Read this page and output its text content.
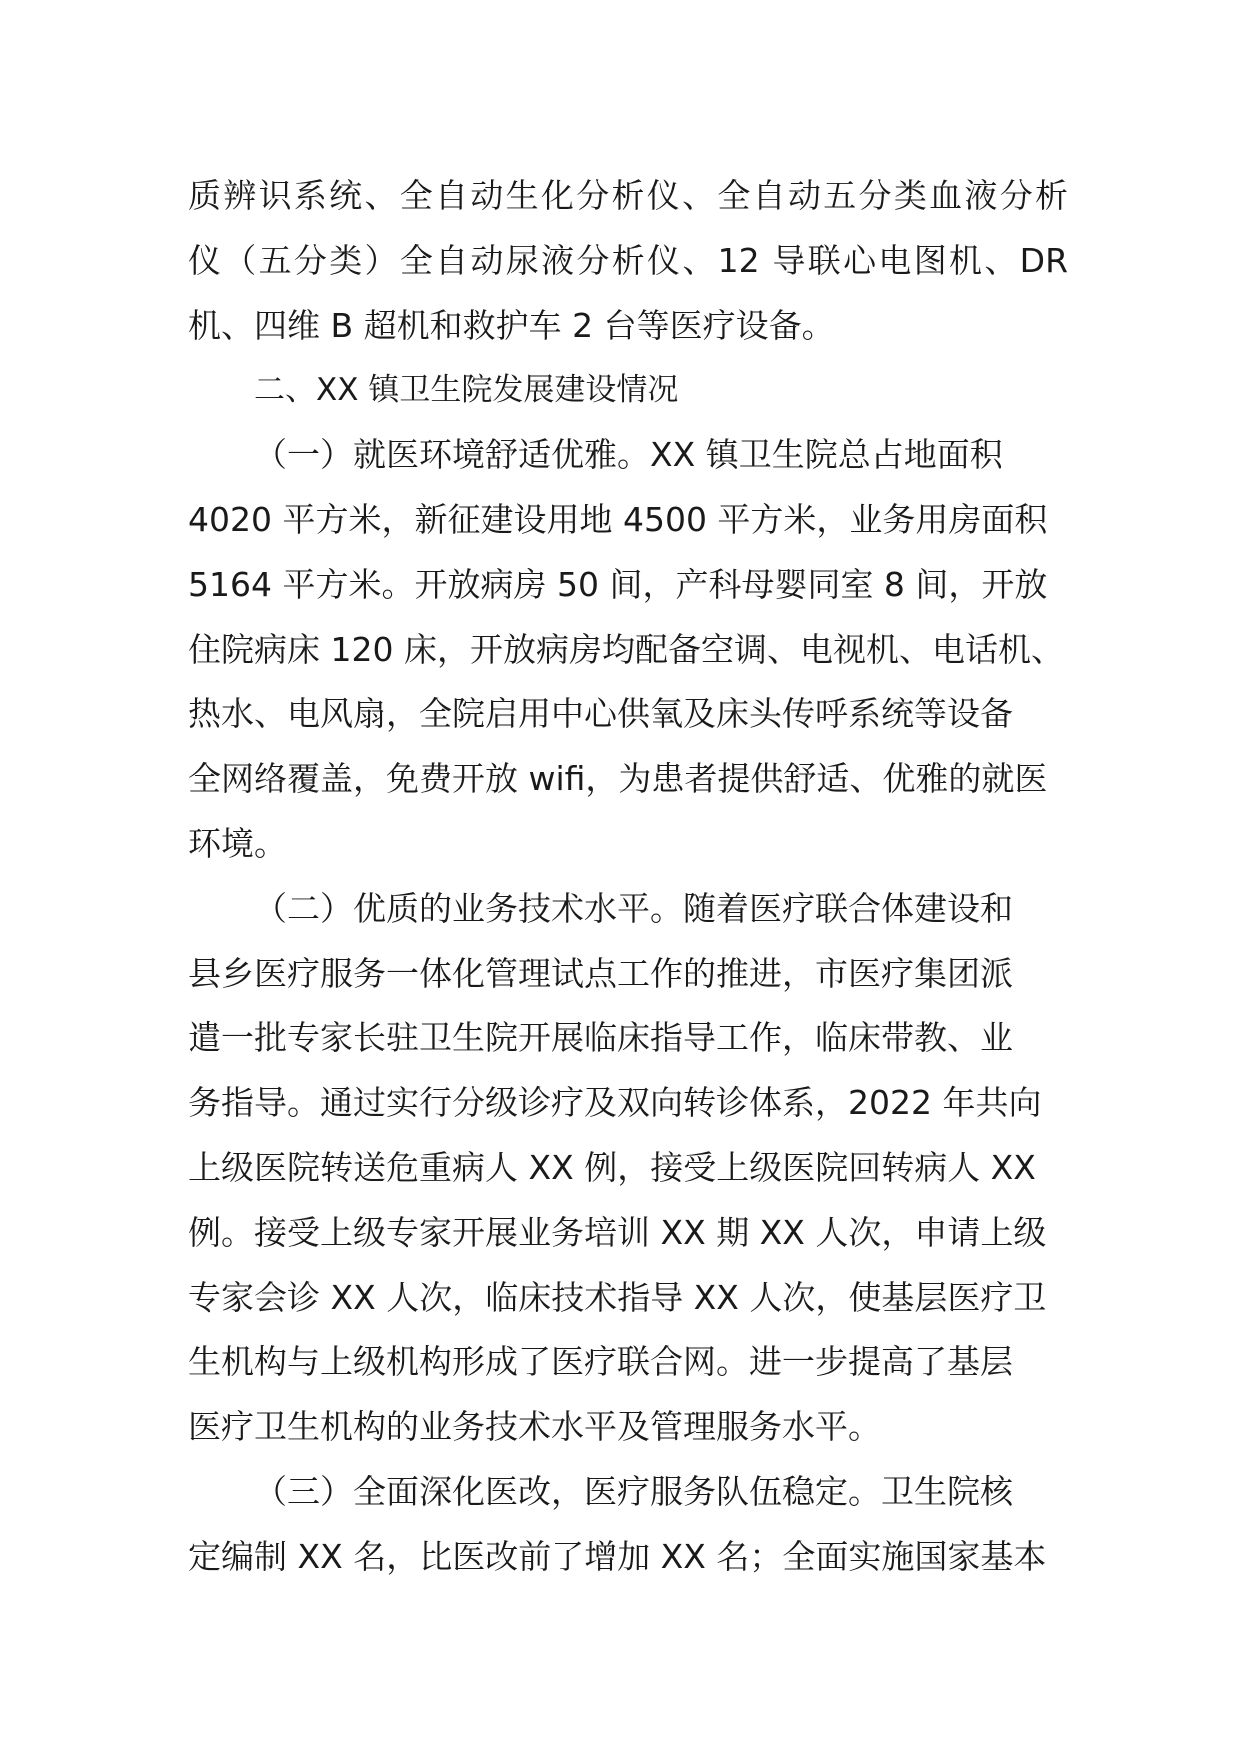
质辨识系统、全自动生化分析仪、全自动五分类血液分析
仪（五分类）全自动尿液分析仪、12 导联心电图机、DR
机、四维 B 超机和救护车 2 台等医疗设备。
二、XX 镇卫生院发展建设情况
（一）就医环境舒适优雅。XX 镇卫生院总占地面积
4020 平方米，新征建设用地 4500 平方米，业务用房面积
5164 平方米。开放病房 50 间，产科母婴同室 8 间，开放
住院病床 120 床，开放病房均配备空调、电视机、电话机、
热水、电风扇，全院启用中心供氧及床头传呼系统等设备
全网络覆盖，免费开放 wifi，为患者提供舒适、优雅的就医
环境。
（二）优质的业务技术水平。随着医疗联合体建设和
县乡医疗服务一体化管理试点工作的推进，市医疗集团派
遣一批专家长驻卫生院开展临床指导工作，临床带教、业
务指导。通过实行分级诊疗及双向转诊体系，2022 年共向
上级医院转送危重病人 XX 例，接受上级医院回转病人 XX
例。接受上级专家开展业务培训 XX 期 XX 人次，申请上级
专家会诊 XX 人次，临床技术指导 XX 人次，使基层医疗卫
生机构与上级机构形成了医疗联合网。进一步提高了基层
医疗卫生机构的业务技术水平及管理服务水平。
（三）全面深化医改，医疗服务队伍稳定。卫生院核
定编制 XX 名，比医改前了增加 XX 名；全面实施国家基本
